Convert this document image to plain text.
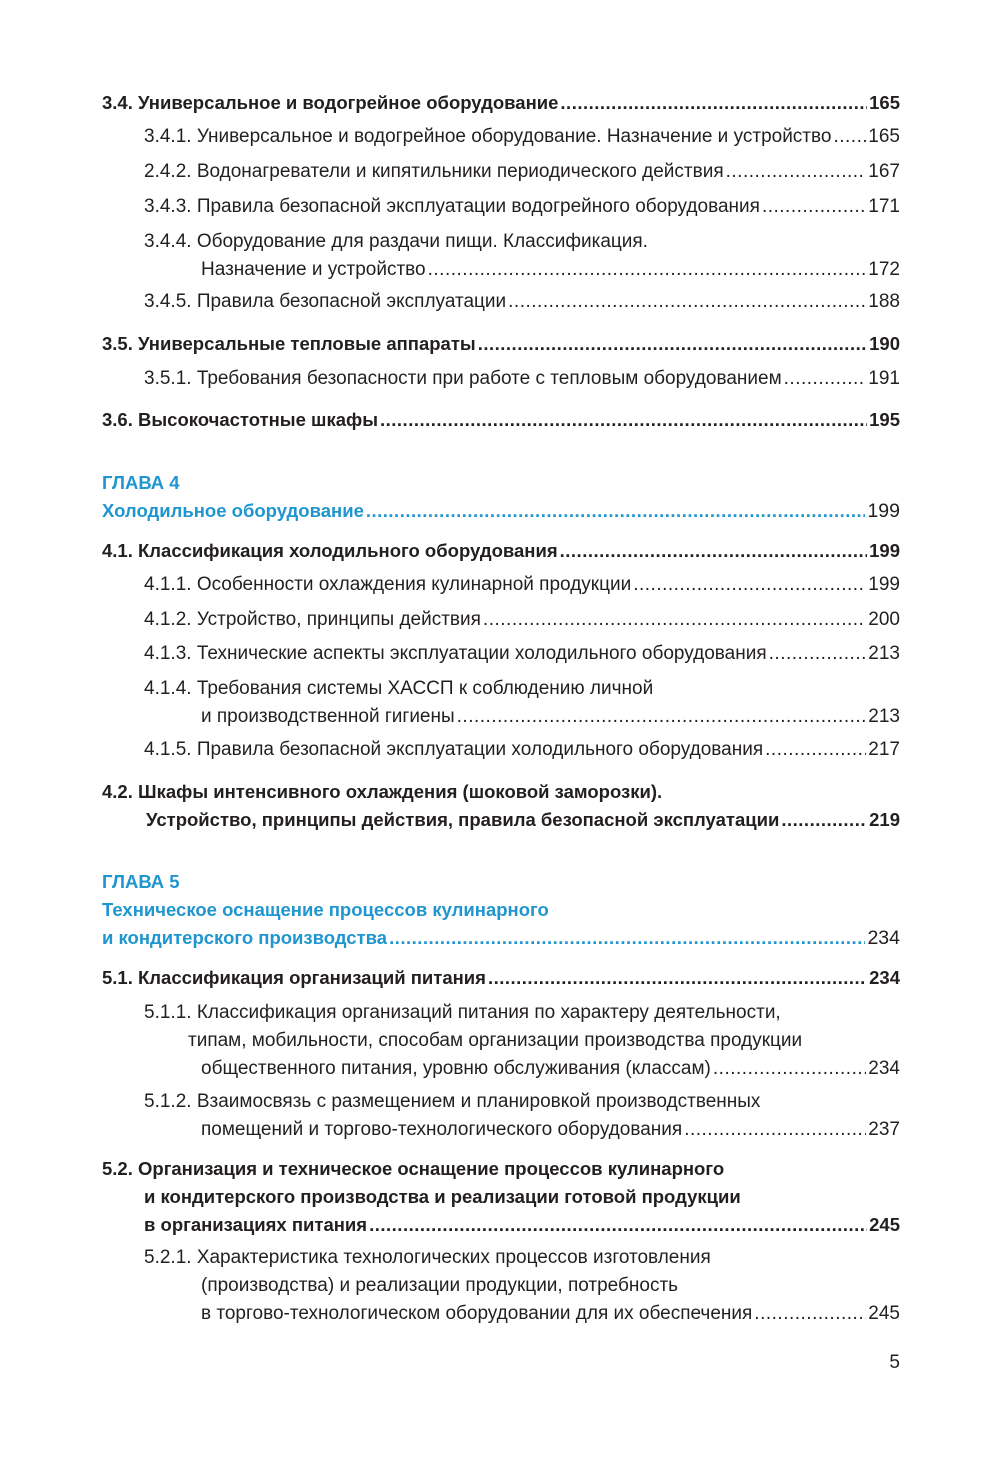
3.4. Универсальное и водогрейное оборудование .....	165
3.4.1. Универсальное и водогрейное оборудование. Назначение и устройство ..... 165
2.4.2. Водонагреватели и кипятильники периодического действия .....	167
3.4.3. Правила безопасной эксплуатации водогрейного оборудования .....	171
3.4.4. Оборудование для раздачи пищи. Классификация.
Назначение и устройство .....	172
3.4.5. Правила безопасной эксплуатации .....	188
3.5. Универсальные тепловые аппараты .....	190
3.5.1. Требования безопасности при работе с тепловым оборудованием .....	191
3.6. Высокочастотные шкафы .....	195
ГЛАВА 4
Холодильное оборудование .....	199
4.1. Классификация холодильного оборудования .....	199
4.1.1. Особенности охлаждения кулинарной продукции .....	199
4.1.2. Устройство, принципы действия .....	200
4.1.3. Технические аспекты эксплуатации холодильного оборудования .....	213
4.1.4. Требования системы ХАССП к соблюдению личной
и производственной гигиены .....	213
4.1.5. Правила безопасной эксплуатации холодильного оборудования .....	217
4.2. Шкафы интенсивного охлаждения (шоковой заморозки).
Устройство, принципы действия, правила безопасной эксплуатации .....	219
ГЛАВА 5
Техническое оснащение процессов кулинарного
и кондитерского производства .....	234
5.1. Классификация организаций питания .....	234
5.1.1. Классификация организаций питания по характеру деятельности,
типам, мобильности, способам организации производства продукции
общественного питания, уровню обслуживания (классам) .....	234
5.1.2. Взаимосвязь с размещением и планировкой производственных
помещений и торгово-технологического оборудования .....	237
5.2. Организация и техническое оснащение процессов кулинарного
и кондитерского производства и реализации готовой продукции
в организациях питания .....	245
5.2.1. Характеристика технологических процессов изготовления
(производства) и реализации продукции, потребность
в торгово-технологическом оборудовании для их обеспечения .....	245
5
